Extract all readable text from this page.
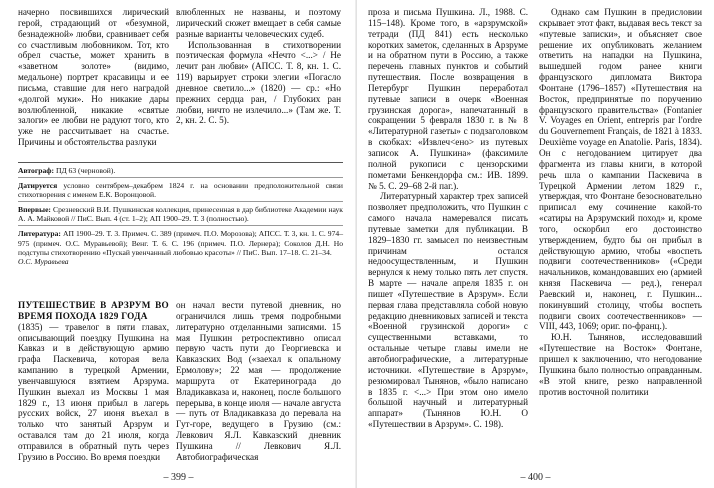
начерно посвившихся лирический герой, страдающий от «безумной, безнадежной» любви, сравнивает себя со счастливым любовником. Тот, кто обрел счастье, может хранить в «заветном золоте» (видимо, медальоне) портрет красавицы и ее письма, ставшие для него наградой «долгой муки». Но никакие дары возлюбленной, никакие «святые залоги» ее любви не радуют того, кто уже не рассчитывает на счастье. Причины и обстоятельства разлуки

влюбленных не названы, и поэтому лирический сюжет вмещает в себя самые разные варианты человеческих судеб.

Использованная в стихотворении поэтическая формула «Нечто <...> / Не лечит ран любви» (АПСС. Т. 8, кн. 1. С. 119) варьирует строки элегии «Погасло дневное светило...» (1820) — ср.: «Но прежних сердца ран, / Глубоких ран любви, ничто не излечило...» (Там же. Т. 2, кн. 2. С. 5).

Автограф: ПД 63 (черновой).

Датируется условно сентябрем–декабрем 1824 г. на основании предположительной связи стихотворения с именем Е.К. Воронцовой.

Впервые: Срезневский В.И. Пушкинская коллекция, принесенная в дар библиотеке Академии наук А. А. Майковой // ПиС. Вып. 4 (ст. 1–2); АП 1900–29. Т. 3 (полностью).

Литература: АП 1900–29. Т. 3. Примеч. С. 389 (примеч. П.О. Морозова); АПСС. Т. 3, кн. 1. С. 974–975 (примеч. О.С. Муравьевой); Венг. Т. 6. С. 196 (примеч. П.О. Лернера); Соколов Д.Н. Но подступы стихотворению «Пускай увенчанный любовью красоты» // ПиС. Вып. 17–18. С. 21–34.

О.С. Муравьева

ПУТЕШЕСТВИЕ В АРЗРУМ ВО ВРЕМЯ ПОХОДА 1829 ГОДА

(1835) — травелог в пяти главах, описывающий поездку Пушкина на Кавказ и в действующую армию графа Паскевича, которая вела кампанию в турецкой Армении, увенчавшуюся взятием Арзрума. Пушкин выехал из Москвы 1 мая 1829 г., 13 июня прибыл в лагерь русских войск, 27 июня въехал в только что занятый Арзрум и оставался там до 21 июля, когда отправился в обратный путь через Грузию в Россию. Во время поездки

он начал вести путевой дневник, но ограничился лишь тремя подробными литературно отделанными записями. 15 мая Пушкин ретроспективно описал первую часть пути до Георгиевска и Кавказских Вод («заехал к опальному Ермолову»; 22 мая — продолжение маршрута от Екатеринограда до Владикавказа и, наконец, после большого перерыва, в конце июля — начале августа — путь от Владикавказа до перевала на Гут-горе, ведущего в Грузию (см.: Левкович Я.Л. Кавказский дневник Пушкина // Левкович Я.Л. Автобиографическая

– 399 –

проза и письма Пушкина. Л., 1988. С. 115–148). Кроме того, в «арзрумской» тетради (ПД 841) есть несколько коротких заметок, сделанных в Арзруме и на обратном пути в Россию, а также перечень главных пунктов и событий путешествия. После возвращения в Петербург Пушкин переработал путевые записи в очерк «Военная грузинская дорога», напечатанный в сокращении 5 февраля 1830 г. в № 8 «Литературной газеты» с подзаголовком в скобках: «Извлеч<ено> из путевых записок А. Пушкина» (факсимиле полной рукописи с цензорскими пометами Бенкендорфа см.: ИВ. 1899. № 5. С. 29–68 2-й паг.).

Литературный характер трех записей позволяет предположить, что Пушкин с самого начала намеревался писать путевые заметки для публикации. В 1829–1830 гг. замысел по неизвестным причинам остался недоосуществленным, и Пушкин вернулся к нему только пять лет спустя. В марте — начале апреля 1835 г. он пишет «Путешествие в Арзрум». Если первая глава представляла собой новую редакцию дневниковых записей и текста «Военной грузинской дороги» с существенными вставками, то остальные четыре главы имели не автобиографические, а литературные источники. «Путешествие в Арзрум», резюмировал Тынянов, «было написано в 1835 г. <...> При этом оно имело большой научный и литературный аппарат» (Тынянов Ю.Н. О «Путешествии в Арзрум». С. 198).

Однако сам Пушкин в предисловии скрывает этот факт, выдавая весь текст за «путевые записки», и объясняет свое решение их опубликовать желанием ответить на нападки на Пушкина, вышедшей годом ранее книги французского дипломата Виктора Фонтане (1796–1857) «Путешествия на Восток, предпринятые по поручению французского правительства» (Fontanier V. Voyages en Orient, entrepris par l'ordre du Gouvernement Français, de 1821 à 1833. Deuxième voyage en Anatolie. Paris, 1834). Он с негодованием цитирует два фрагмента из главы книги, в которой речь шла о кампании Паскевича в Турецкой Армении летом 1829 г., утверждая, что Фонтане безосновательно приписал ему сочинение какой-то «сатиры на Арзрумский поход» и, кроме того, оскорбил его достоинство утверждением, будто бы он прибыл в действующую армию, чтобы «воспеть подвиги соотечественников» («Среди начальников, командовавших ею (армией князя Паскевича — ред.), генерал Раевский и, наконец, г. Пушкин... покинувший столицу, чтобы воспеть подвиги своих соотечественников» — VIII, 443, 1069; ориг. по-франц.).

Ю.Н. Тынянов, исследовавший «Путешествие на Восток» Фонтане, пришел к заключению, что негодование Пушкина было полностью оправданным. «В этой книге, резко направленной против восточной политики

– 400 –
